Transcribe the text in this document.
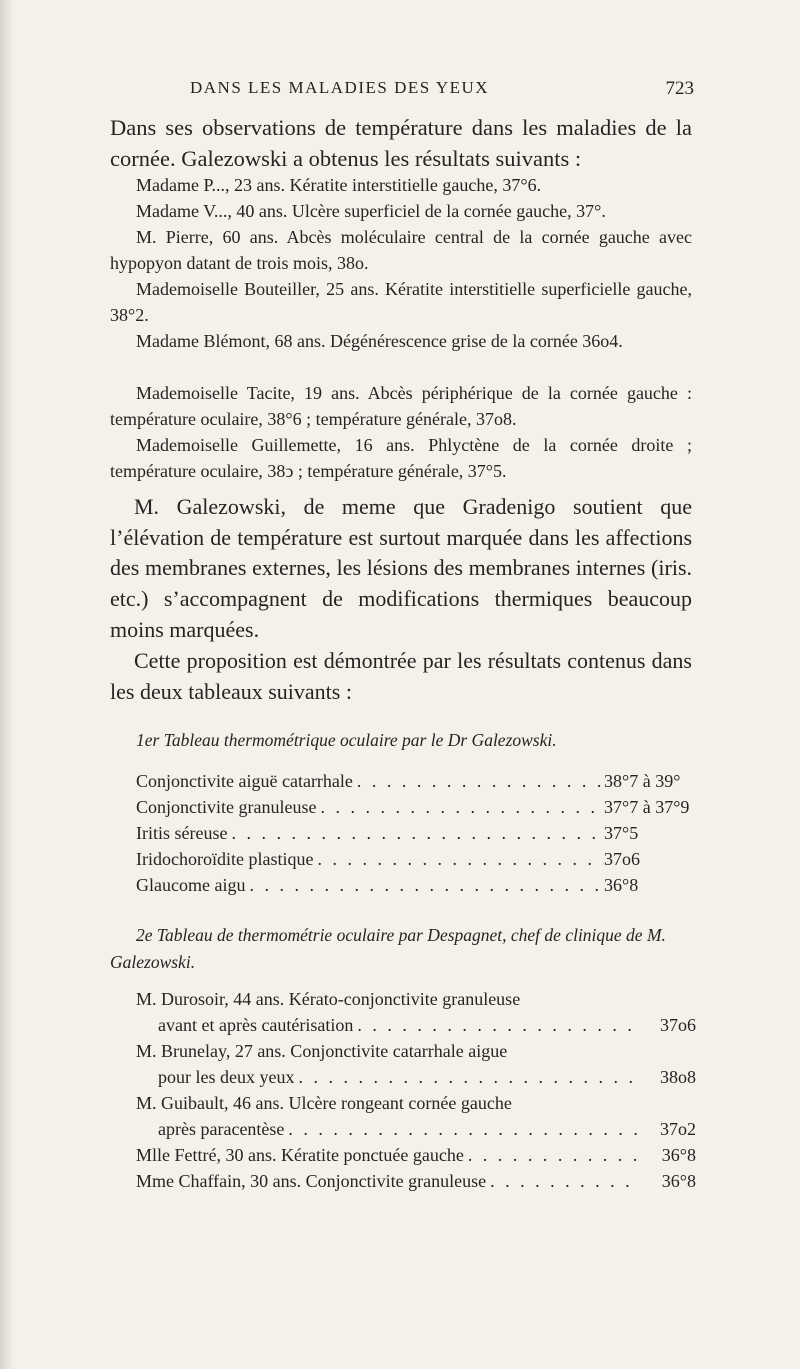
DANS LES MALADIES DES YEUX	723

Dans ses observations de température dans les maladies de la cornée. Galezowski a obtenus les résultats suivants :

Madame P..., 23 ans. Kératite interstitielle gauche, 37°6.

Madame V..., 40 ans. Ulcère superficiel de la cornée gauche, 37°.

M. Pierre, 60 ans. Abcès moléculaire central de la cornée gauche avec hypopyon datant de trois mois, 38o.

Mademoiselle Bouteiller, 25 ans. Kératite interstitielle superficielle gauche, 38°2.

Madame Blémont, 68 ans. Dégénérescence grise de la cornée 36o4.

Mademoiselle Tacite, 19 ans. Abcès périphérique de la cornée gauche : température oculaire, 38°6 ; température générale, 37o8.

Mademoiselle Guillemette, 16 ans. Phlyctène de la cornée droite ; température oculaire, 38ͻ ; température générale, 37°5.

M. Galezowski, de meme que Gradenigo soutient que l’élévation de température est surtout marquée dans les affections des membranes externes, les lésions des membranes internes (iris. etc.) s’accompagnent de modifications thermiques beaucoup moins marquées.

Cette proposition est démontrée par les résultats contenus dans les deux tableaux suivants :

1er Tableau thermométrique oculaire par le Dr Galezowski.

Conjonctivite aiguë catarrhale . . .	38°7 à 39°
Conjonctivite granuleuse . . .	37°7 à 37°9
Iritis séreuse . . .	37°5
Iridochoroïdite plastique . . .	37o6
Glaucome aigu . . .	36°8

2e Tableau de thermométrie oculaire par Despagnet, chef de clinique de M. Galezowski.

M. Durosoir, 44 ans. Kérato-conjonctivite granuleuse
avant et après cautérisation . . .	37o6
M. Brunelay, 27 ans. Conjonctivite catarrhale aigue
pour les deux yeux . . .	38o8
M. Guibault, 46 ans. Ulcère rongeant cornée gauche
après paracentèse . . .	37o2
Mlle Fettré, 30 ans. Kératite ponctuée gauche . . .	36°8
Mme Chaffain, 30 ans. Conjonctivite granuleuse . . .	36°8
